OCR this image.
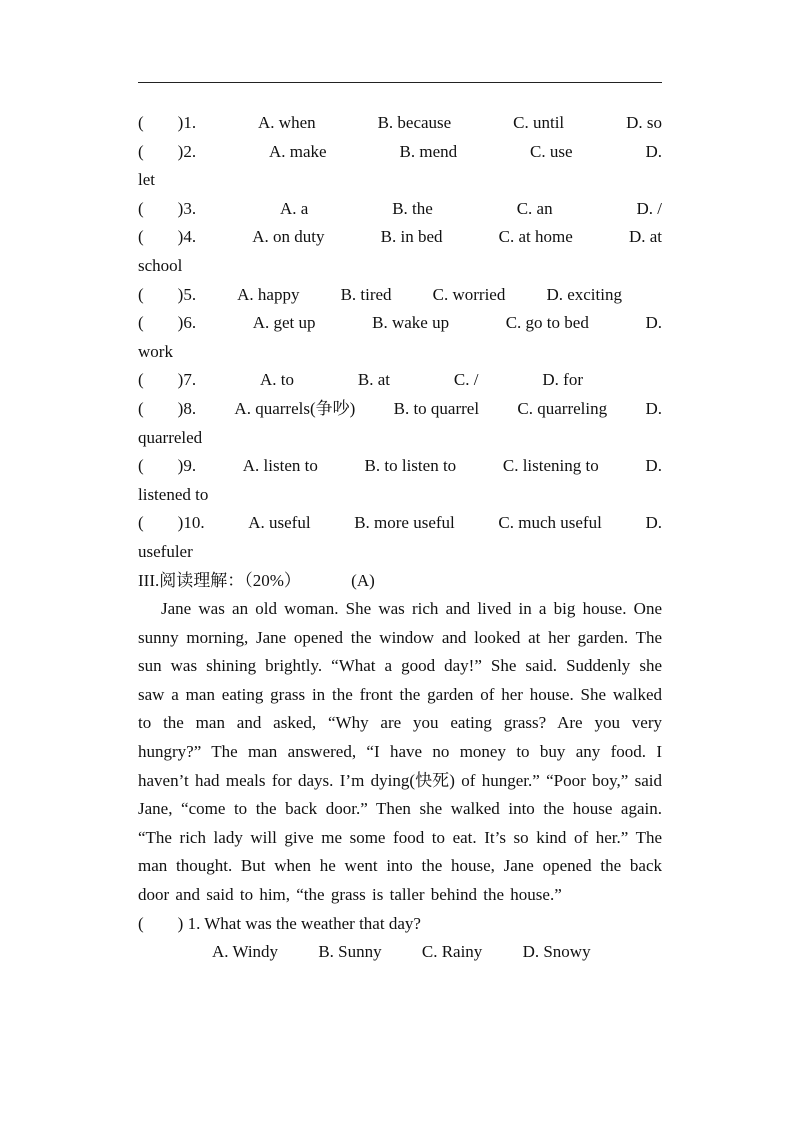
(  )1.	A. when	B. because	C. until	D. so
(  )2.	A. make	B. mend	C. use	D.
let
(  )3.	A. a	B. the	C. an	D. /
(  )4.	A. on duty	B. in bed	C. at home	D. at
school
(  )5. A. happy B. tired C. worried D. exciting
(  )6.	A. get up	B. wake up	C. go to bed	D.
work
(  )7.	A. to	B. at	C. /	D. for
(  )8. A. quarrels(争吵) B. to quarrel C. quarreling D.
quarreled
(  )9.	A. listen to	B. to listen to	C. listening to	D.
listened to
(  )10.	A. useful	B. more useful	C. much useful	D.
usefuler
III.阅读理解：（20%）	(A)

Jane was an old woman. She was rich and lived in a big house. One sunny morning, Jane opened the window and looked at her garden. The sun was shining brightly. “What a good day!” She said. Suddenly she saw a man eating grass in the front the garden of her house. She walked to the man and asked, “Why are you eating grass? Are you very hungry?” The man answered, “I have no money to buy any food. I haven’t had meals for days. I’m dying(快死) of hunger.” “Poor boy,” said Jane, “come to the back door.” Then she walked into the house again. “The rich lady will give me some food to eat. It’s so kind of her.” The man thought. But when he went into the house, Jane opened the back door and said to him, “the grass is taller behind the house.”

(  ) 1. What was the weather that day?
A. Windy B. Sunny C. Rainy D. Snowy
